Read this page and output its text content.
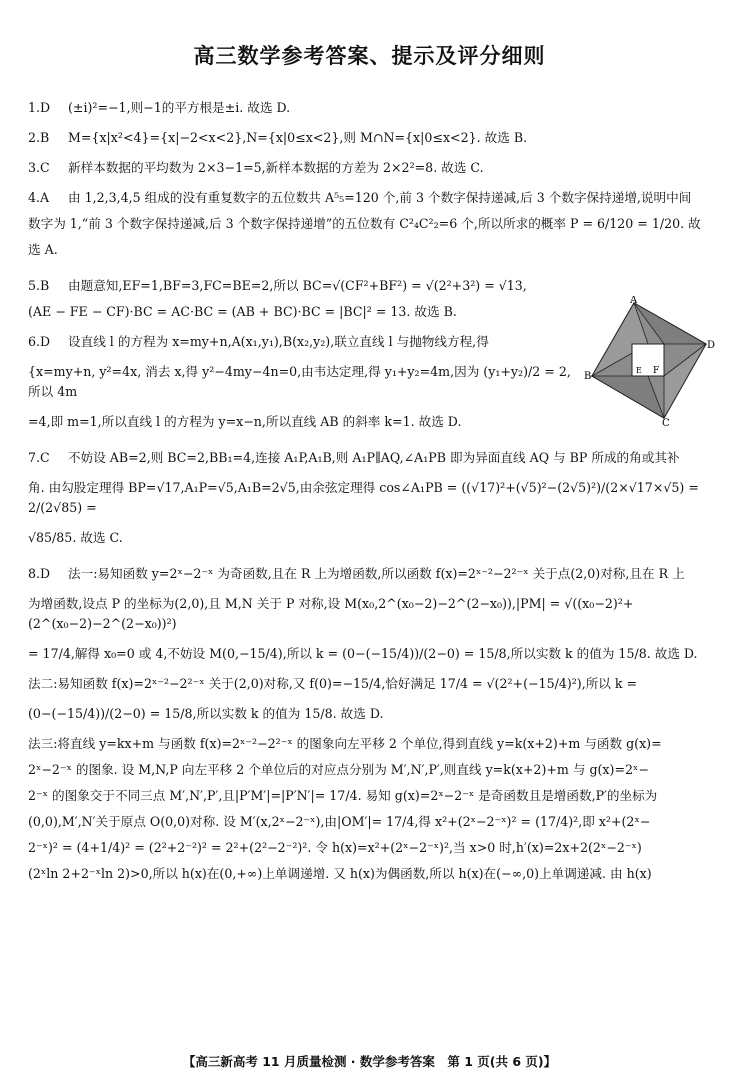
高三数学参考答案、提示及评分细则

1.D (±i)²=−1,则−1的平方根是±i. 故选 D.

2.B M={x|x²<4}={x|−2<x<2},N={x|0≤x<2},则 M∩N={x|0≤x<2}. 故选 B.

3.C 新样本数据的平均数为 2×3−1=5,新样本数据的方差为 2×2²=8. 故选 C.

4.A 由 1,2,3,4,5 组成的没有重复数字的五位数共 A⁵₅=120 个,前 3 个数字保持递减,后 3 个数字保持递增,说明中间

数字为 1,“前 3 个数字保持递减,后 3 个数字保持递增”的五位数有 C²₄C²₂=6 个,所以所求的概率 P = 6/120 = 1/20. 故

选 A.

5.B 由题意知,EF=1,BF=3,FC=BE=2,所以 BC=√(CF²+BF²) = √(2²+3²) = √13,

(AE − FE − CF)·BC = AC·BC = (AB + BC)·BC = |BC|² = 13. 故选 B.

6.D 设直线 l 的方程为 x=my+n,A(x₁,y₁),B(x₂,y₂),联立直线 l 与抛物线方程,得

{x=my+n, y²=4x, 消去 x,得 y²−4my−4n=0,由韦达定理,得 y₁+y₂=4m,因为 (y₁+y₂)/2 = 2,所以 4m

=4,即 m=1,所以直线 l 的方程为 y=x−n,所以直线 AB 的斜率 k=1. 故选 D.

7.C 不妨设 AB=2,则 BC=2,BB₁=4,连接 A₁P,A₁B,则 A₁P∥AQ,∠A₁PB 即为异面直线 AQ 与 BP 所成的角或其补

角. 由勾股定理得 BP=√17,A₁P=√5,A₁B=2√5,由余弦定理得 cos∠A₁PB = ((√17)²+(√5)²−(2√5)²)/(2×√17×√5) = 2/(2√85) =

√85/85. 故选 C.

8.D 法一:易知函数 y=2ˣ−2⁻ˣ 为奇函数,且在 R 上为增函数,所以函数 f(x)=2ˣ⁻²−2²⁻ˣ 关于点(2,0)对称,且在 R 上

为增函数,设点 P 的坐标为(2,0),且 M,N 关于 P 对称,设 M(x₀,2^(x₀−2)−2^(2−x₀)),|PM| = √((x₀−2)²+(2^(x₀−2)−2^(2−x₀))²)

= 17/4,解得 x₀=0 或 4,不妨设 M(0,−15/4),所以 k = (0−(−15/4))/(2−0) = 15/8,所以实数 k 的值为 15/8. 故选 D.

法二:易知函数 f(x)=2ˣ⁻²−2²⁻ˣ 关于(2,0)对称,又 f(0)=−15/4,恰好满足 17/4 = √(2²+(−15/4)²),所以 k =

(0−(−15/4))/(2−0) = 15/8,所以实数 k 的值为 15/8. 故选 D.

法三:将直线 y=kx+m 与函数 f(x)=2ˣ⁻²−2²⁻ˣ 的图象向左平移 2 个单位,得到直线 y=k(x+2)+m 与函数 g(x)=

2ˣ−2⁻ˣ 的图象. 设 M,N,P 向左平移 2 个单位后的对应点分别为 M′,N′,P′,则直线 y=k(x+2)+m 与 g(x)=2ˣ−

2⁻ˣ 的图象交于不同三点 M′,N′,P′,且|P′M′|=|P′N′|= 17/4. 易知 g(x)=2ˣ−2⁻ˣ 是奇函数且是增函数,P′的坐标为

(0,0),M′,N′关于原点 O(0,0)对称. 设 M′(x,2ˣ−2⁻ˣ),由|OM′|= 17/4,得 x²+(2ˣ−2⁻ˣ)² = (17/4)²,即 x²+(2ˣ−

2⁻ˣ)² = (4+1/4)² = (2²+2⁻²)² = 2²+(2²−2⁻²)². 令 h(x)=x²+(2ˣ−2⁻ˣ)²,当 x>0 时,h′(x)=2x+2(2ˣ−2⁻ˣ)

(2ˣln 2+2⁻ˣln 2)>0,所以 h(x)在(0,+∞)上单调递增. 又 h(x)为偶函数,所以 h(x)在(−∞,0)上单调递减. 由 h(x)

A
B
C
D
E F
【高三新高考 11 月质量检测 · 数学参考答案　第 1 页(共 6 页)】
